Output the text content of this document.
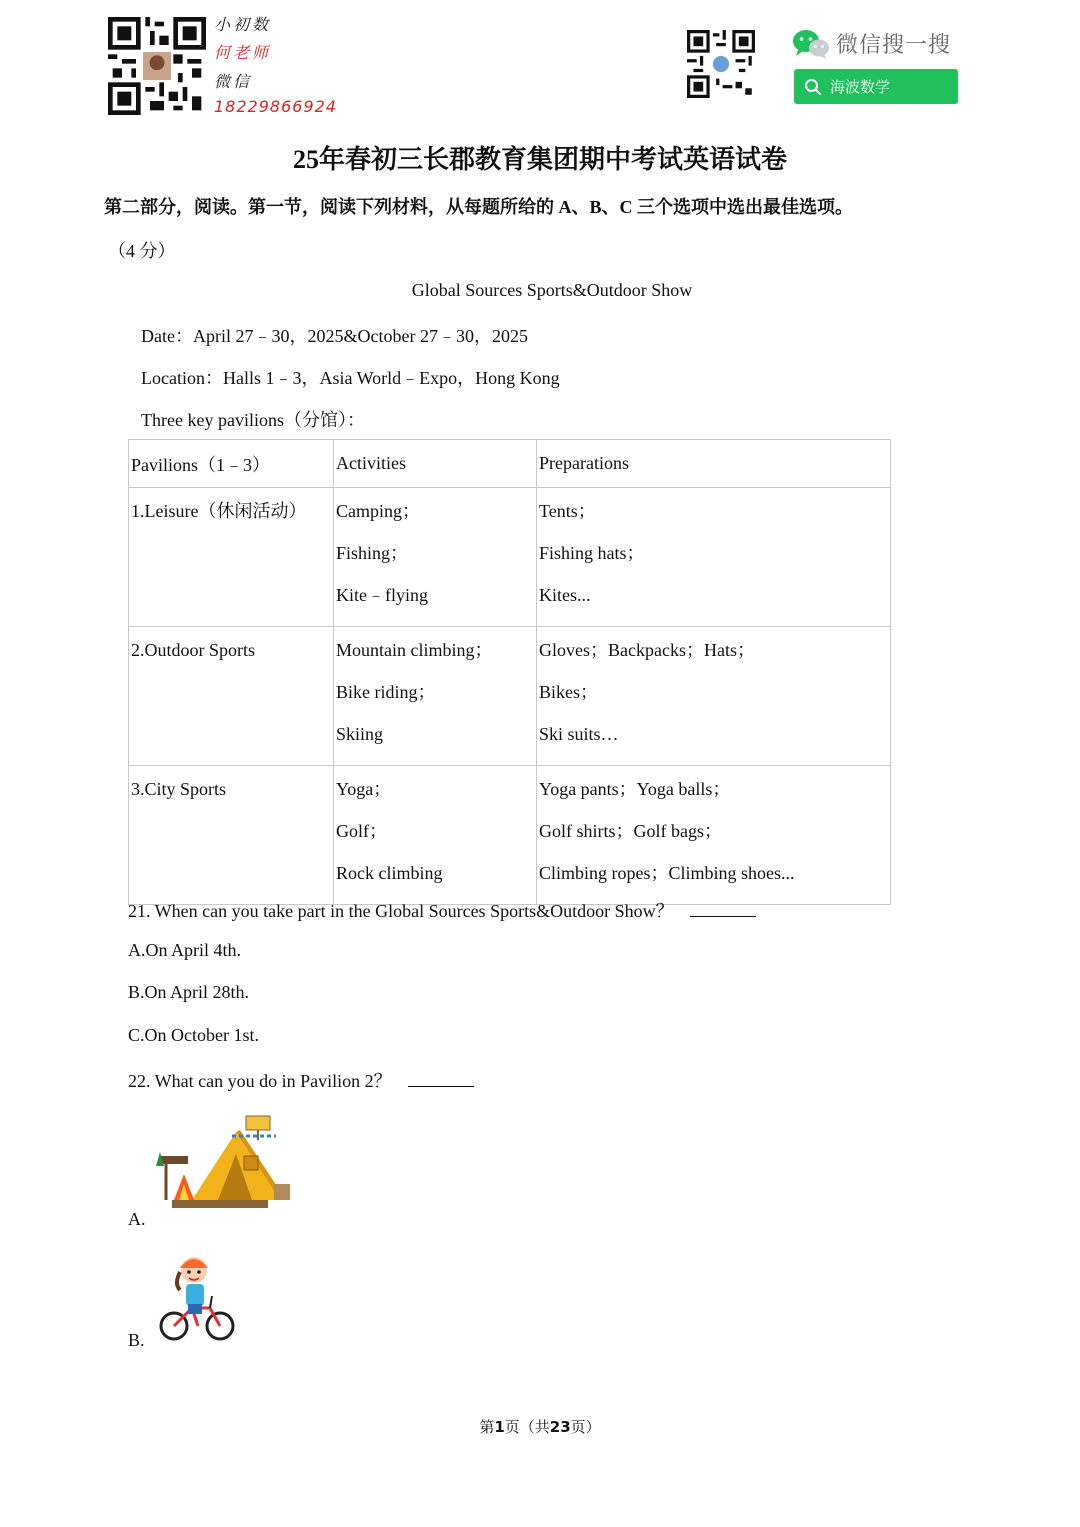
小初数
何老师
微信
18229866924
微信搜一搜
海波数学
25年春初三长郡教育集团期中考试英语试卷
第二部分，阅读。第一节，阅读下列材料，从每题所给的 A、B、C 三个选项中选出最佳选项。
（4 分）
Global Sources Sports&Outdoor Show
Date：April 27﹣30，2025&October 27﹣30，2025
Location：Halls 1﹣3，Asia World﹣Expo，Hong Kong
Three key pavilions（分馆）：
Pavilions（1﹣3）	Activities	Preparations

1.Leisure（休闲活动）	Camping；
Fishing；
Kite﹣flying	Tents；
Fishing hats；
Kites...

2.Outdoor Sports	Mountain climbing；
Bike riding；
Skiing	Gloves；Backpacks；Hats；
Bikes；
Ski suits…

3.City Sports	Yoga；
Golf；
Rock climbing	Yoga pants；Yoga balls；
Golf shirts；Golf bags；
Climbing ropes；Climbing shoes...
21. When can you take part in the Global Sources Sports&Outdoor Show？
A.On April 4th.
B.On April 28th.
C.On October 1st.
22. What can you do in Pavilion 2？
A.
B.
第1页（共23页）
